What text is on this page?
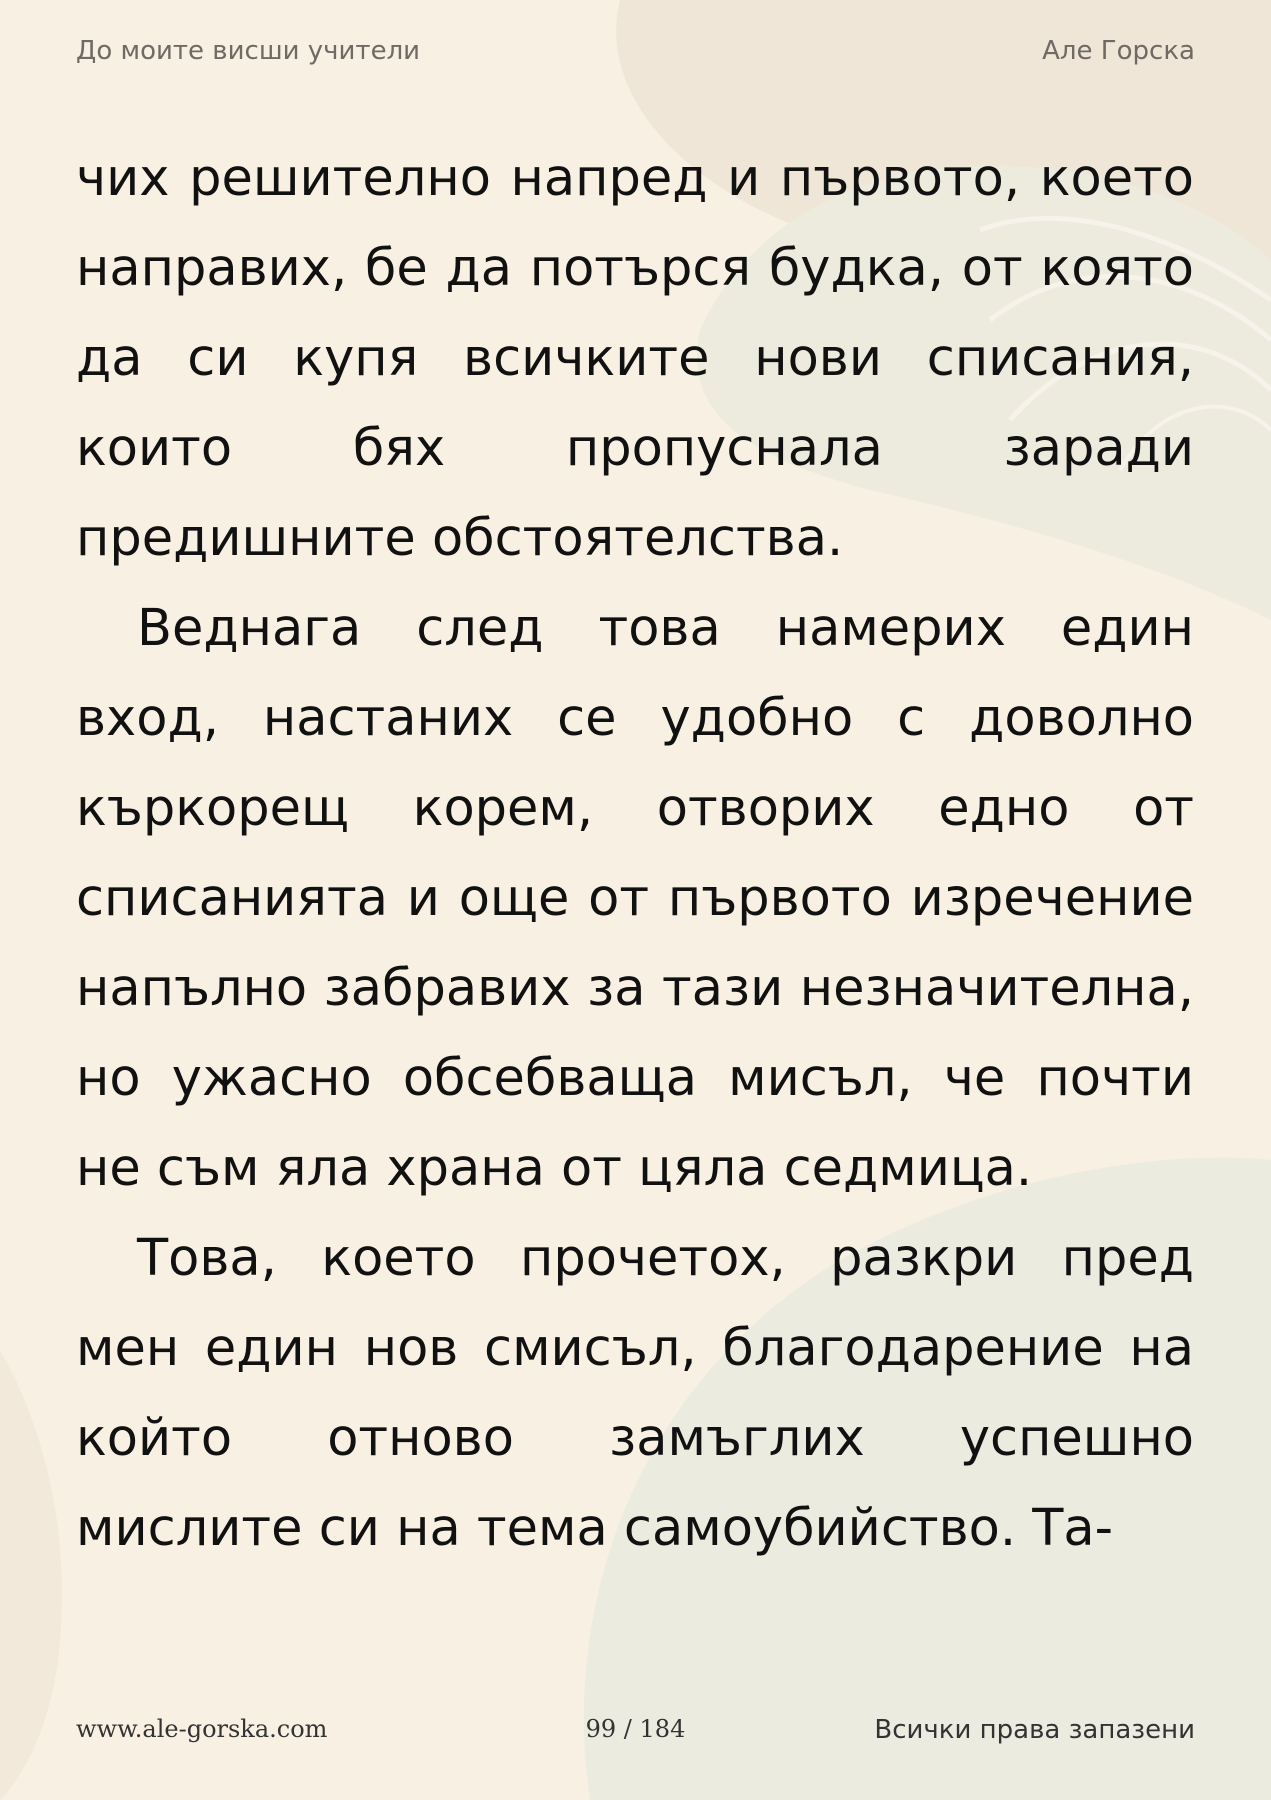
До моите висши учители	Але Горска

чих решително напред и първото, което направих, бе да потърся будка, от която да си купя всичките нови списания, които бях пропуснала заради предишните обстоятелства.

Веднага след това намерих един вход, настаних се удобно с доволно къркорещ корем, отворих едно от списанията и още от първото изречение напълно забравих за тази незначителна, но ужасно обсебваща мисъл, че почти не съм яла храна от цяла седмица.

Това, което прочетох, разкри пред мен един нов смисъл, благодарение на който отново замъглих успешно мислите си на тема самоубийство. Та-

www.ale-gorska.com	99 / 184	Всички права запазени
